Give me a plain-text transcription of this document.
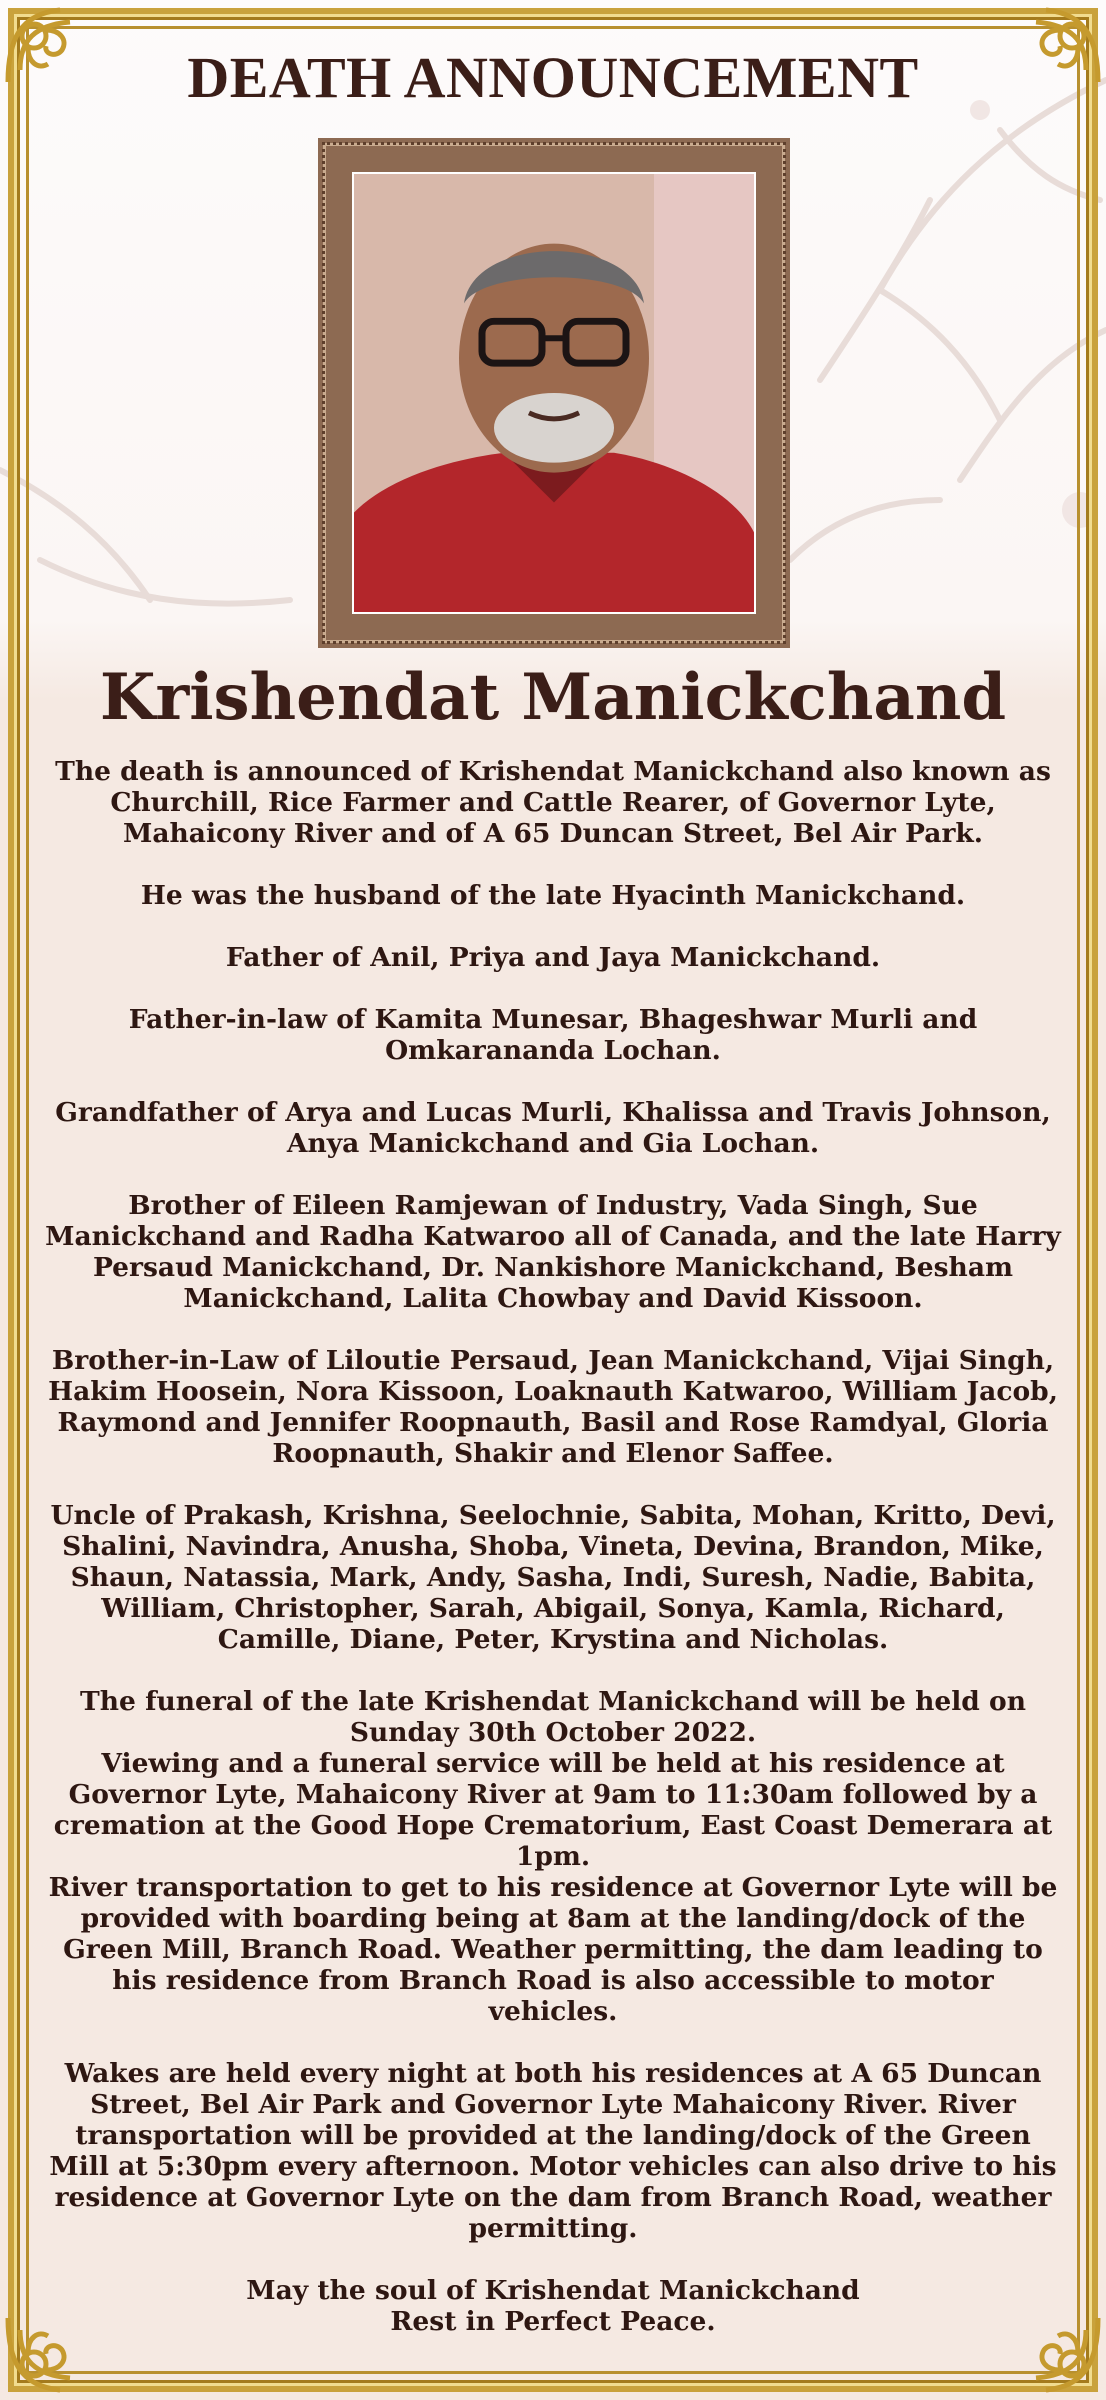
DEATH ANNOUNCEMENT
Krishendat Manickchand

The death is announced of Krishendat Manickchand also known as Churchill, Rice Farmer and Cattle Rearer, of Governor Lyte, Mahaicony River and of A 65 Duncan Street, Bel Air Park.

He was the husband of the late Hyacinth Manickchand.

Father of Anil, Priya and Jaya Manickchand.

Father-in-law of Kamita Munesar, Bhageshwar Murli and Omkarananda Lochan.

Grandfather of Arya and Lucas Murli, Khalissa and Travis Johnson, Anya Manickchand and Gia Lochan.

Brother of Eileen Ramjewan of Industry, Vada Singh, Sue Manickchand and Radha Katwaroo all of Canada, and the late Harry Persaud Manickchand, Dr. Nankishore Manickchand, Besham Manickchand, Lalita Chowbay and David Kissoon.

Brother-in-Law of Liloutie Persaud, Jean Manickchand, Vijai Singh, Hakim Hoosein, Nora Kissoon, Loaknauth Katwaroo, William Jacob, Raymond and Jennifer Roopnauth, Basil and Rose Ramdyal, Gloria Roopnauth, Shakir and Elenor Saffee.

Uncle of Prakash, Krishna, Seelochnie, Sabita, Mohan, Kritto, Devi, Shalini, Navindra, Anusha, Shoba, Vineta, Devina, Brandon, Mike, Shaun, Natassia, Mark, Andy, Sasha, Indi, Suresh, Nadie, Babita, William, Christopher, Sarah, Abigail, Sonya, Kamla, Richard, Camille, Diane, Peter, Krystina and Nicholas.

The funeral of the late Krishendat Manickchand will be held on Sunday 30th October 2022.

Viewing and a funeral service will be held at his residence at Governor Lyte, Mahaicony River at 9am to 11:30am followed by a cremation at the Good Hope Crematorium, East Coast Demerara at 1pm.

River transportation to get to his residence at Governor Lyte will be provided with boarding being at 8am at the landing/dock of the Green Mill, Branch Road. Weather permitting, the dam leading to his residence from Branch Road is also accessible to motor vehicles.

Wakes are held every night at both his residences at A 65 Duncan Street, Bel Air Park and Governor Lyte Mahaicony River. River transportation will be provided at the landing/dock of the Green Mill at 5:30pm every afternoon. Motor vehicles can also drive to his residence at Governor Lyte on the dam from Branch Road, weather permitting.

May the soul of Krishendat Manickchand

Rest in Perfect Peace.
